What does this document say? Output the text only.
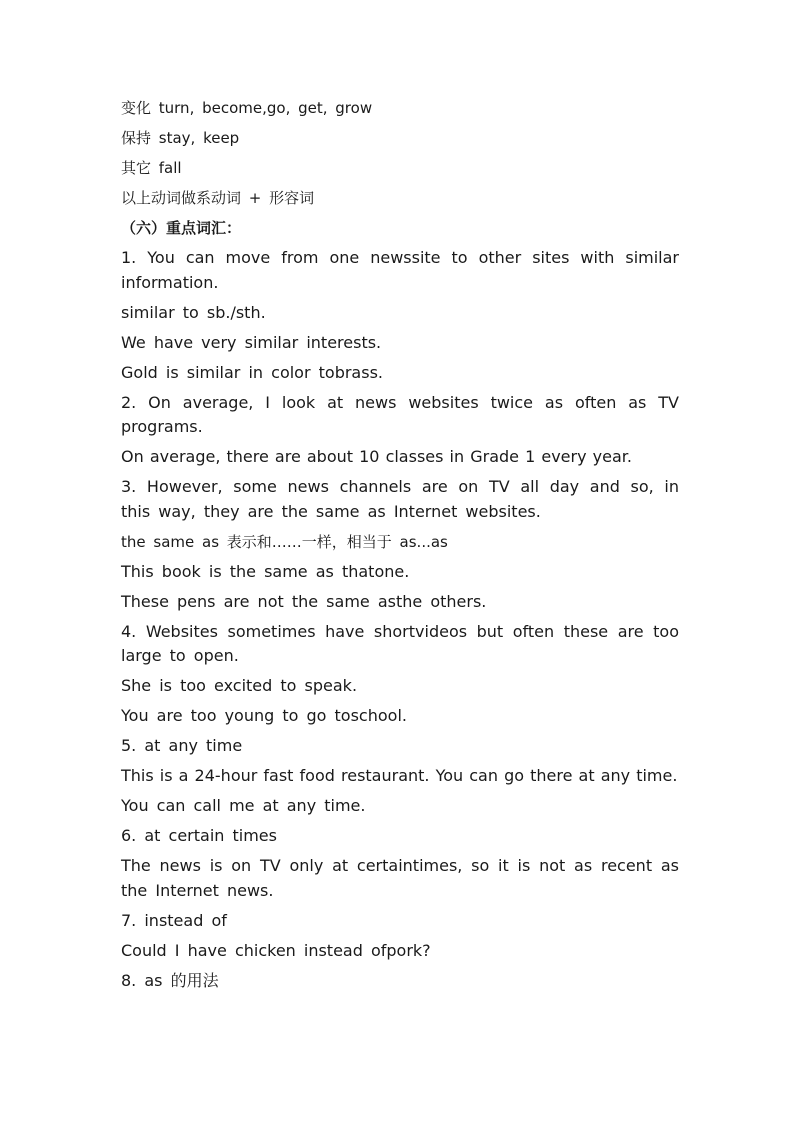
变化 turn, become,go, get, grow

保持 stay, keep

其它 fall

以上动词做系动词 + 形容词

（六）重点词汇：

1. You can move from one newssite to other sites with similar information.

similar to sb./sth.

We have very similar interests.

Gold is similar in color tobrass.

2. On average, I look at news websites twice as often as TV programs.

On average, there are about 10 classes in Grade 1 every year.

3. However, some news channels are on TV all day and so, in this way, they are the same as Internet websites.

the same as 表示和……一样，相当于 as...as

This book is the same as thatone.

These pens are not the same asthe others.

4. Websites sometimes have shortvideos but often these are too large to open.

She is too excited to speak.

You are too young to go toschool.

5. at any time

This is a 24-hour fast food restaurant. You can go there at any time.

You can call me at any time.

6. at certain times

The news is on TV only at certaintimes, so it is not as recent as the Internet news.

7. instead of

Could I have chicken instead ofpork?

8. as 的用法
